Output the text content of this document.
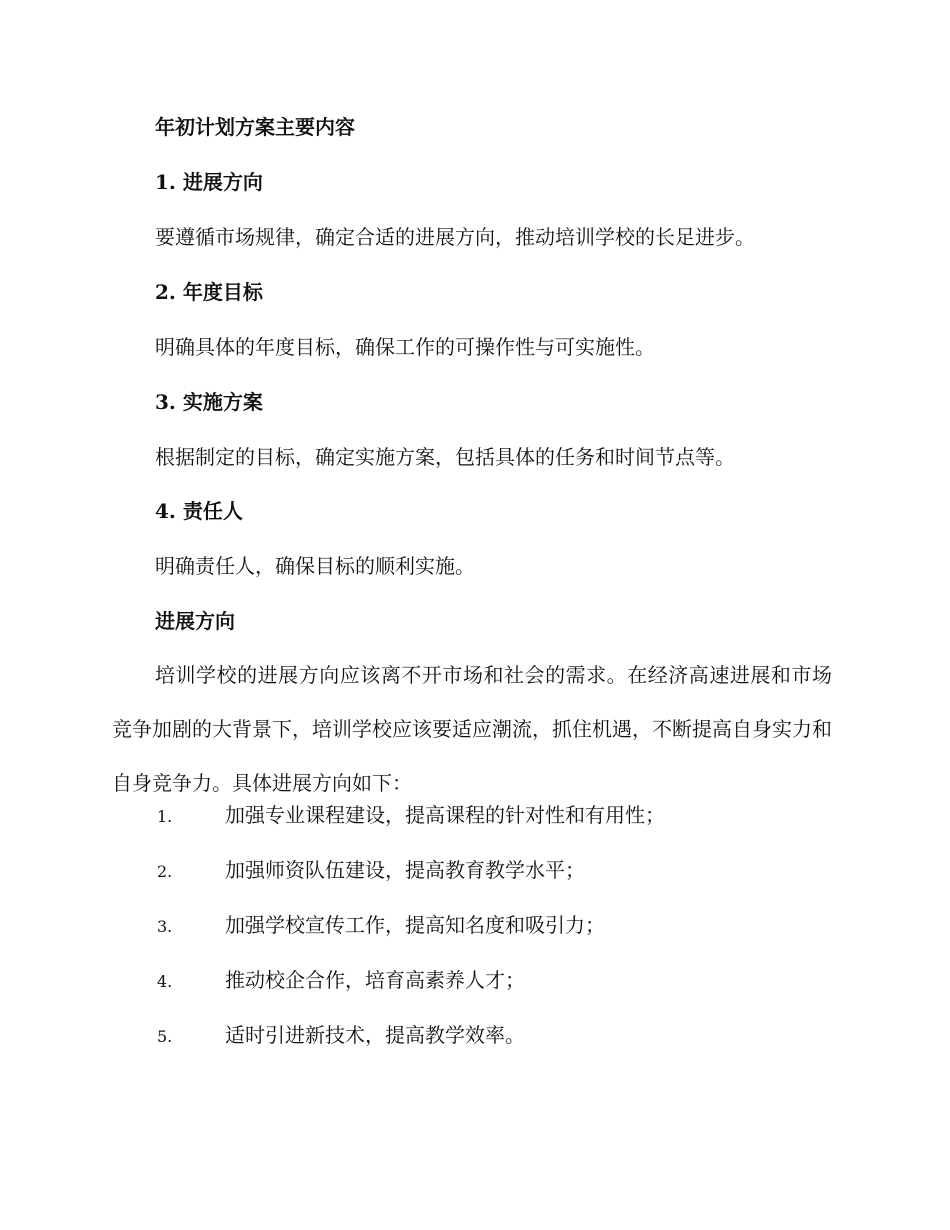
年初计划方案主要内容
1. 进展方向
要遵循市场规律，确定合适的进展方向，推动培训学校的长足进步。
2. 年度目标
明确具体的年度目标，确保工作的可操作性与可实施性。
3. 实施方案
根据制定的目标，确定实施方案，包括具体的任务和时间节点等。
4. 责任人
明确责任人，确保目标的顺利实施。
进展方向
培训学校的进展方向应该离不开市场和社会的需求。在经济高速进展和市场竞争加剧的大背景下，培训学校应该要适应潮流，抓住机遇，不断提高自身实力和自身竞争力。具体进展方向如下：
1.	加强专业课程建设，提高课程的针对性和有用性；
2.	加强师资队伍建设，提高教育教学水平；
3.	加强学校宣传工作，提高知名度和吸引力；
4.	推动校企合作，培育高素养人才；
5.	适时引进新技术，提高教学效率。
